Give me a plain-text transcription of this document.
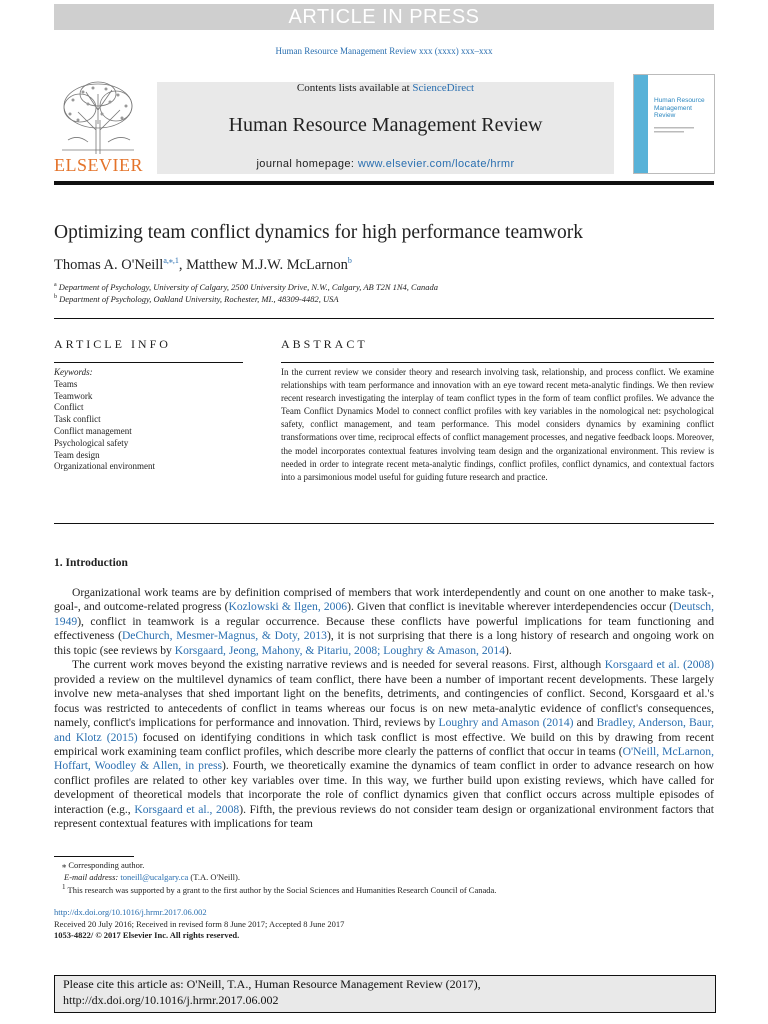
ARTICLE IN PRESS
Human Resource Management Review xxx (xxxx) xxx–xxx
ELSEVIER
Contents lists available at ScienceDirect
Human Resource Management Review
journal homepage: www.elsevier.com/locate/hrmr
Human Resource Management Review
Optimizing team conflict dynamics for high performance teamwork
Thomas A. O'Neill$^{a,⁎,1}$, Matthew M.J.W. McLarnon$^b$
$^a$ Department of Psychology, University of Calgary, 2500 University Drive, N.W., Calgary, AB T2N 1N4, Canada
$^b$ Department of Psychology, Oakland University, Rochester, MI., 48309-4482, USA
ARTICLE INFO
Keywords:
Teams
Teamwork
Conflict
Task conflict
Conflict management
Psychological safety
Team design
Organizational environment
ABSTRACT
In the current review we consider theory and research involving task, relationship, and process conflict. We examine relationships with team performance and innovation with an eye toward recent meta-analytic findings. We then review recent research investigating the interplay of team conflict types in the form of team conflict profiles. We advance the Team Conflict Dynamics Model to connect conflict profiles with key variables in the nomological net: psychological safety, conflict management, and team performance. This model considers dynamics by examining conflict transformations over time, reciprocal effects of conflict management processes, and negative feedback loops. Moreover, the model incorporates contextual features involving team design and the organizational environment. This review is needed in order to integrate recent meta-analytic findings, conflict profiles, conflict dynamics, and contextual factors into a parsimonious model useful for guiding future research and practice.
1. Introduction

Organizational work teams are by definition comprised of members that work interdependently and count on one another to make task-, goal-, and outcome-related progress (Kozlowski & Ilgen, 2006). Given that conflict is inevitable wherever interdependencies occur (Deutsch, 1949), conflict in teamwork is a regular occurrence. Because these conflicts have powerful implications for team functioning and effectiveness (DeChurch, Mesmer-Magnus, & Doty, 2013), it is not surprising that there is a long history of research and ongoing work on this topic (see reviews by Korsgaard, Jeong, Mahony, & Pitariu, 2008; Loughry & Amason, 2014).

The current work moves beyond the existing narrative reviews and is needed for several reasons. First, although Korsgaard et al. (2008) provided a review on the multilevel dynamics of team conflict, there have been a number of important recent developments. These largely involve new meta-analyses that shed important light on the benefits, detriments, and contingencies of conflict. Second, Korsgaard et al.'s focus was restricted to antecedents of conflict in teams whereas our focus is on new meta-analytic evidence of conflict's consequences, namely, conflict's implications for performance and innovation. Third, reviews by Loughry and Amason (2014) and Bradley, Anderson, Baur, and Klotz (2015) focused on identifying conditions in which task conflict is most effective. We build on this by drawing from recent empirical work examining team conflict profiles, which describe more clearly the patterns of conflict that occur in teams (O'Neill, McLarnon, Hoffart, Woodley & Allen, in press). Fourth, we theoretically examine the dynamics of team conflict in order to advance research on how conflict profiles are related to other key variables over time. In this way, we further build upon existing reviews, which have called for development of theoretical models that incorporate the role of conflict dynamics given that conflict occurs across multiple episodes of interaction (e.g., Korsgaard et al., 2008). Fifth, the previous reviews do not consider team design or organizational environment factors that represent contextual features with implications for team

⁎ Corresponding author.
E-mail address: toneill@ucalgary.ca (T.A. O'Neill).
$^1$ This research was supported by a grant to the first author by the Social Sciences and Humanities Research Council of Canada.
http://dx.doi.org/10.1016/j.hrmr.2017.06.002
Received 20 July 2016; Received in revised form 8 June 2017; Accepted 8 June 2017
1053-4822/ © 2017 Elsevier Inc. All rights reserved.
Please cite this article as: O'Neill, T.A., Human Resource Management Review (2017),
http://dx.doi.org/10.1016/j.hrmr.2017.06.002
